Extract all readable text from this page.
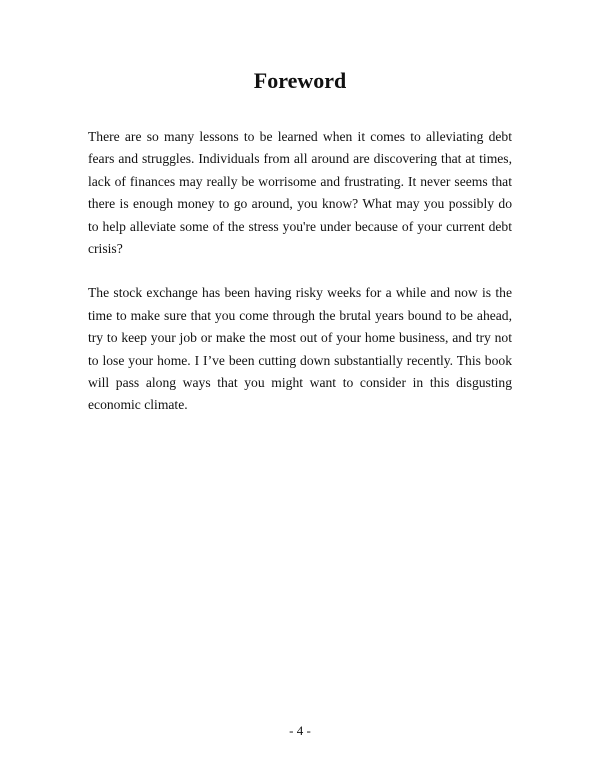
Foreword

There are so many lessons to be learned when it comes to alleviating debt fears and struggles. Individuals from all around are discovering that at times, lack of finances may really be worrisome and frustrating. It never seems that there is enough money to go around, you know? What may you possibly do to help alleviate some of the stress you're under because of your current debt crisis?

The stock exchange has been having risky weeks for a while and now is the time to make sure that you come through the brutal years bound to be ahead, try to keep your job or make the most out of your home business, and try not to lose your home. I I’ve been cutting down substantially recently. This book will pass along ways that you might want to consider in this disgusting economic climate.

- 4 -
